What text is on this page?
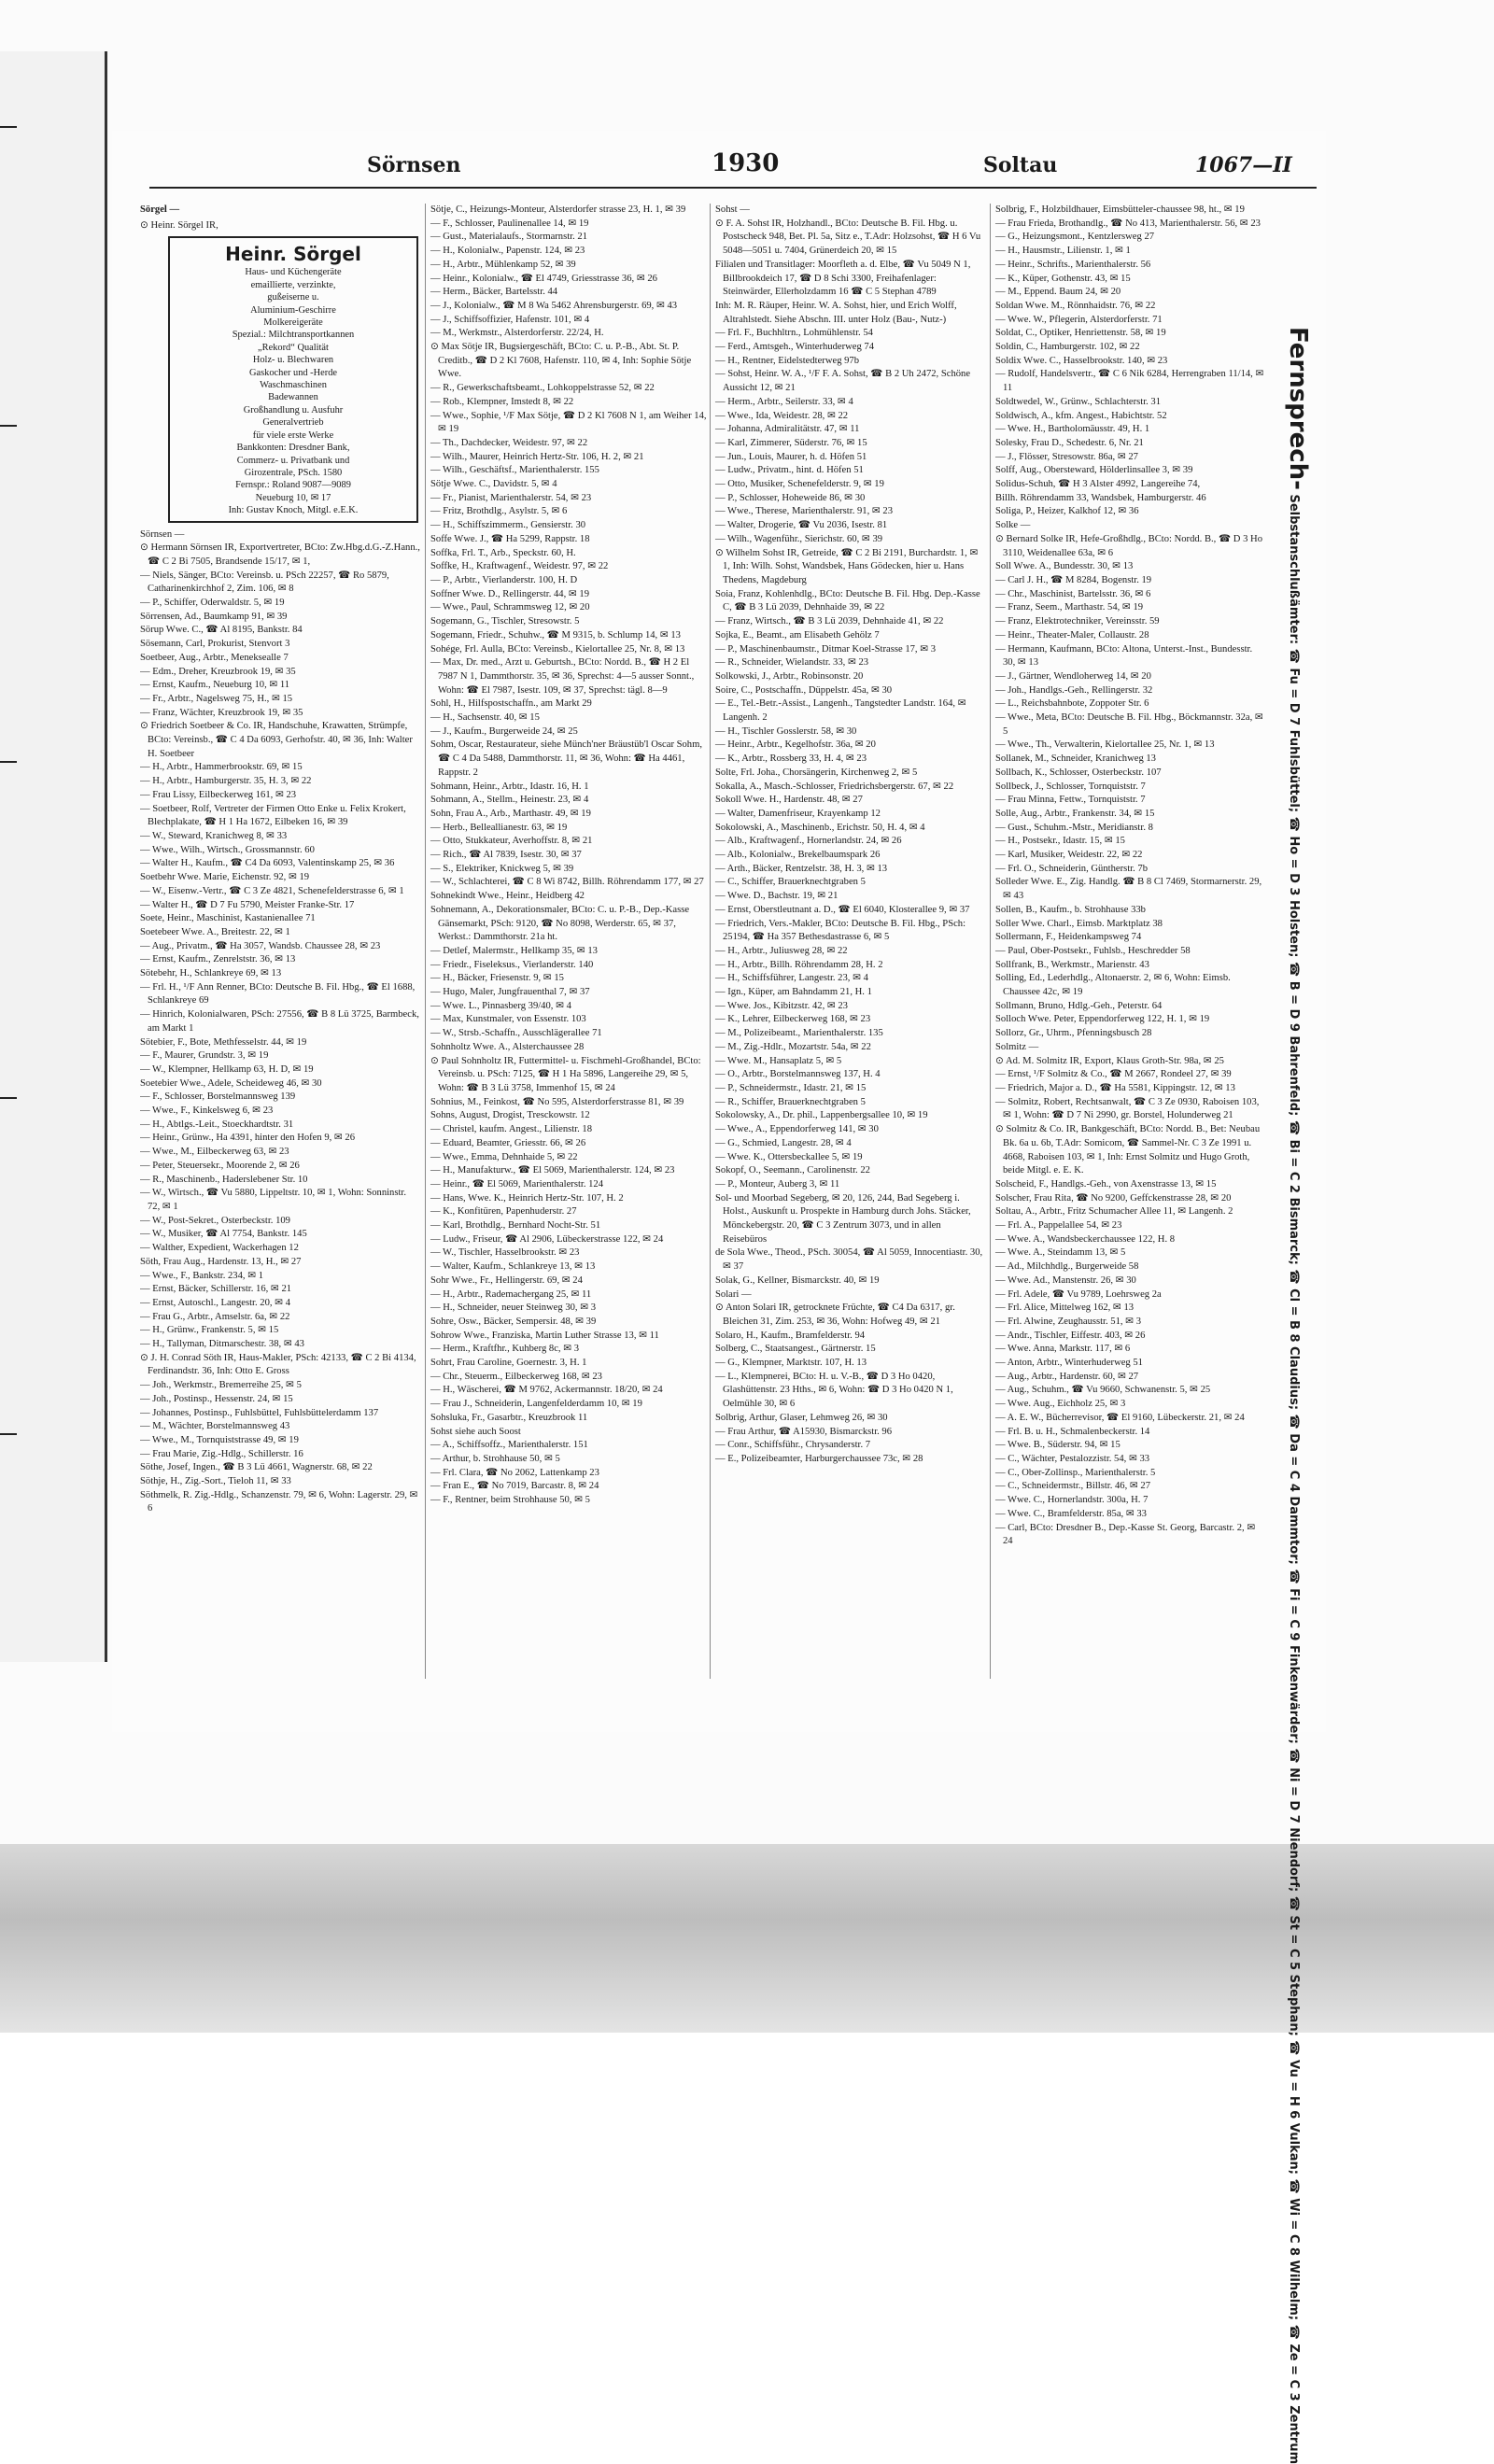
Sörnsen	1930	Soltau	1067—II

Sörgel —

⊙ Heinr. Sörgel IR,

Heinr. Sörgel
Haus- und Küchengeräte
emaillierte, verzinkte,
gußeiserne u.
Aluminium-Geschirre
Molkereigeräte
Spezial.: Milchtransportkannen
„Rekord“ Qualität
Holz- u. Blechwaren
Gaskocher und -Herde
Waschmaschinen
Badewannen
Großhandlung u. Ausfuhr
Generalvertrieb
für viele erste Werke
Bankkonten: Dresdner Bank,
Commerz- u. Privatbank und
Girozentrale, PSch. 1580
Fernspr.: Roland 9087—9089
Neueburg 10, ✉ 17
Inh: Gustav Knoch, Mitgl. e.E.K.

Sörnsen —

⊙ Hermann Sörnsen IR, Exportvertreter, BCto: Zw.Hbg.d.G.-Z.Hann., ☎ C 2 Bi 7505, Brandsende 15/17, ✉ 1,

— Niels, Sänger, BCto: Vereinsb. u. PSch 22257, ☎ Ro 5879, Catharinenkirchhof 2, Zim. 106, ✉ 8

— P., Schiffer, Oderwaldstr. 5, ✉ 19

Sörrensen, Ad., Baumkamp 91, ✉ 39

Sörup Wwe. C., ☎ Al 8195, Bankstr. 84

Sösemann, Carl, Prokurist, Stenvort 3

Soetbeer, Aug., Arbtr., Meneksealle 7

— Edm., Dreher, Kreuzbrook 19, ✉ 35

— Ernst, Kaufm., Neueburg 10, ✉ 11

— Fr., Arbtr., Nagelsweg 75, H., ✉ 15

— Franz, Wächter, Kreuzbrook 19, ✉ 35

⊙ Friedrich Soetbeer & Co. IR, Handschuhe, Krawatten, Strümpfe, BCto: Vereinsb., ☎ C 4 Da 6093, Gerhofstr. 40, ✉ 36, Inh: Walter H. Soetbeer

— H., Arbtr., Hammerbrookstr. 69, ✉ 15

— H., Arbtr., Hamburgerstr. 35, H. 3, ✉ 22

— Frau Lissy, Eilbeckerweg 161, ✉ 23

— Soetbeer, Rolf, Vertreter der Firmen Otto Enke u. Felix Krokert, Blechplakate, ☎ H 1 Ha 1672, Eilbeken 16, ✉ 39

— W., Steward, Kranichweg 8, ✉ 33

— Wwe., Wilh., Wirtsch., Grossmannstr. 60

— Walter H., Kaufm., ☎ C4 Da 6093, Valentinskamp 25, ✉ 36

Soetbehr Wwe. Marie, Eichenstr. 92, ✉ 19

— W., Eisenw.-Vertr., ☎ C 3 Ze 4821, Schenefelderstrasse 6, ✉ 1

— Walter H., ☎ D 7 Fu 5790, Meister Franke-Str. 17

Soete, Heinr., Maschinist, Kastanienallee 71

Soetebeer Wwe. A., Breitestr. 22, ✉ 1

— Aug., Privatm., ☎ Ha 3057, Wandsb. Chaussee 28, ✉ 23

— Ernst, Kaufm., Zenrelststr. 36, ✉ 13

Sötebehr, H., Schlankreye 69, ✉ 13

— Frl. H., ¹/F Ann Renner, BCto: Deutsche B. Fil. Hbg., ☎ El 1688, Schlankreye 69

— Hinrich, Kolonialwaren, PSch: 27556, ☎ B 8 Lü 3725, Barmbeck, am Markt 1

Sötebier, F., Bote, Methfesselstr. 44, ✉ 19

— F., Maurer, Grundstr. 3, ✉ 19

— W., Klempner, Hellkamp 63, H. D, ✉ 19

Soetebier Wwe., Adele, Scheideweg 46, ✉ 30

— F., Schlosser, Borstelmannsweg 139

— Wwe., F., Kinkelsweg 6, ✉ 23

— H., Abtlgs.-Leit., Stoeckhardtstr. 31

— Heinr., Grünw., Ha 4391, hinter den Hofen 9, ✉ 26

— Wwe., M., Eilbeckerweg 63, ✉ 23

— Peter, Steuersekr., Moorende 2, ✉ 26

— R., Maschinenb., Haderslebener Str. 10

— W., Wirtsch., ☎ Vu 5880, Lippeltstr. 10, ✉ 1, Wohn: Sonninstr. 72, ✉ 1

— W., Post-Sekret., Osterbeckstr. 109

— W., Musiker, ☎ Al 7754, Bankstr. 145

— Walther, Expedient, Wackerhagen 12

Söth, Frau Aug., Hardenstr. 13, H., ✉ 27

— Wwe., F., Bankstr. 234, ✉ 1

— Ernst, Bäcker, Schillerstr. 16, ✉ 21

— Ernst, Autoschl., Langestr. 20, ✉ 4

— Frau G., Arbtr., Amselstr. 6a, ✉ 22

— H., Grünw., Frankenstr. 5, ✉ 15

— H., Tallyman, Ditmarschestr. 38, ✉ 43

⊙ J. H. Conrad Söth IR, Haus-Makler, PSch: 42133, ☎ C 2 Bi 4134, Ferdinandstr. 36, Inh: Otto E. Gross

— Joh., Werkmstr., Bremerreihe 25, ✉ 5

— Joh., Postinsp., Hessenstr. 24, ✉ 15

— Johannes, Postinsp., Fuhlsbüttel, Fuhlsbüttelerdamm 137

— M., Wächter, Borstelmannsweg 43

— Wwe., M., Tornquiststrasse 49, ✉ 19

— Frau Marie, Zig.-Hdlg., Schillerstr. 16

Söthe, Josef, Ingen., ☎ B 3 Lü 4661, Wagnerstr. 68, ✉ 22

Söthje, H., Zig.-Sort., Tieloh 11, ✉ 33

Söthmelk, R. Zig.-Hdlg., Schanzenstr. 79, ✉ 6, Wohn: Lagerstr. 29, ✉ 6

Sötje, C., Heizungs-Monteur, Alsterdorfer strasse 23, H. 1, ✉ 39

— F., Schlosser, Paulinenallee 14, ✉ 19

— Gust., Materialaufs., Stormarnstr. 21

— H., Kolonialw., Papenstr. 124, ✉ 23

— H., Arbtr., Mühlenkamp 52, ✉ 39

— Heinr., Kolonialw., ☎ El 4749, Griesstrasse 36, ✉ 26

— Herm., Bäcker, Bartelsstr. 44

— J., Kolonialw., ☎ M 8 Wa 5462 Ahrensburgerstr. 69, ✉ 43

— J., Schiffsoffizier, Hafenstr. 101, ✉ 4

— M., Werkmstr., Alsterdorferstr. 22/24, H.

⊙ Max Sötje IR, Bugsiergeschäft, BCto: C. u. P.-B., Abt. St. P. Creditb., ☎ D 2 Kl 7608, Hafenstr. 110, ✉ 4, Inh: Sophie Sötje Wwe.

— R., Gewerkschaftsbeamt., Lohkoppelstrasse 52, ✉ 22

— Rob., Klempner, Imstedt 8, ✉ 22

— Wwe., Sophie, ¹/F Max Sötje, ☎ D 2 Kl 7608 N 1, am Weiher 14, ✉ 19

— Th., Dachdecker, Weidestr. 97, ✉ 22

— Wilh., Maurer, Heinrich Hertz-Str. 106, H. 2, ✉ 21

— Wilh., Geschäftsf., Marienthalerstr. 155

Sötje Wwe. C., Davidstr. 5, ✉ 4

— Fr., Pianist, Marienthalerstr. 54, ✉ 23

— Fritz, Brothdlg., Asylstr. 5, ✉ 6

— H., Schiffszimmerm., Gensierstr. 30

Soffe Wwe. J., ☎ Ha 5299, Rappstr. 18

Soffka, Frl. T., Arb., Speckstr. 60, H.

Soffke, H., Kraftwagenf., Weidestr. 97, ✉ 22

— P., Arbtr., Vierlanderstr. 100, H. D

Soffner Wwe. D., Rellingerstr. 44, ✉ 19

— Wwe., Paul, Schrammsweg 12, ✉ 20

Sogemann, G., Tischler, Stresowstr. 5

Sogemann, Friedr., Schuhw., ☎ M 9315, b. Schlump 14, ✉ 13

Sohége, Frl. Aulla, BCto: Vereinsb., Kielortallee 25, Nr. 8, ✉ 13

— Max, Dr. med., Arzt u. Geburtsh., BCto: Nordd. B., ☎ H 2 El 7987 N 1, Dammthorstr. 35, ✉ 36, Sprechst: 4—5 ausser Sonnt., Wohn: ☎ El 7987, Isestr. 109, ✉ 37, Sprechst: tägl. 8—9

Sohl, H., Hilfspostschaffn., am Markt 29

— H., Sachsenstr. 40, ✉ 15

— J., Kaufm., Burgerweide 24, ✉ 25

Sohm, Oscar, Restaurateur, siehe Münch'ner Bräustüb'l Oscar Sohm, ☎ C 4 Da 5488, Dammthorstr. 11, ✉ 36, Wohn: ☎ Ha 4461, Rappstr. 2

Sohmann, Heinr., Arbtr., Idastr. 16, H. 1

Sohmann, A., Stellm., Heinestr. 23, ✉ 4

Sohn, Frau A., Arb., Marthastr. 49, ✉ 19

— Herb., Belleallianestr. 63, ✉ 19

— Otto, Stukkateur, Averhoffstr. 8, ✉ 21

— Rich., ☎ Al 7839, Isestr. 30, ✉ 37

— S., Elektriker, Knickweg 5, ✉ 39

— W., Schlachterei, ☎ C 8 Wi 8742, Billh. Röhrendamm 177, ✉ 27

Sohnekindt Wwe., Heinr., Heidberg 42

Sohnemann, A., Dekorationsmaler, BCto: C. u. P.-B., Dep.-Kasse Gänsemarkt, PSch: 9120, ☎ No 8098, Werderstr. 65, ✉ 37, Werkst.: Dammthorstr. 21a ht.

— Detlef, Malermstr., Hellkamp 35, ✉ 13

— Friedr., Fiseleksus., Vierlanderstr. 140

— H., Bäcker, Friesenstr. 9, ✉ 15

— Hugo, Maler, Jungfrauenthal 7, ✉ 37

— Wwe. L., Pinnasberg 39/40, ✉ 4

— Max, Kunstmaler, von Essenstr. 103

— W., Strsb.-Schaffn., Ausschlägerallee 71

Sohnholtz Wwe. A., Alsterchaussee 28

⊙ Paul Sohnholtz IR, Futtermittel- u. Fischmehl-Großhandel, BCto: Vereinsb. u. PSch: 7125, ☎ H 1 Ha 5896, Langereihe 29, ✉ 5, Wohn: ☎ B 3 Lü 3758, Immenhof 15, ✉ 24

Sohnius, M., Feinkost, ☎ No 595, Alsterdorferstrasse 81, ✉ 39

Sohns, August, Drogist, Tresckowstr. 12

— Christel, kaufm. Angest., Lilienstr. 18

— Eduard, Beamter, Griesstr. 66, ✉ 26

— Wwe., Emma, Dehnhaide 5, ✉ 22

— H., Manufakturw., ☎ El 5069, Marienthalerstr. 124, ✉ 23

— Heinr., ☎ El 5069, Marienthalerstr. 124

— Hans, Wwe. K., Heinrich Hertz-Str. 107, H. 2

— K., Konfitüren, Papenhuderstr. 27

— Karl, Brothdlg., Bernhard Nocht-Str. 51

— Ludw., Friseur, ☎ Al 2906, Lübeckerstrasse 122, ✉ 24

— W., Tischler, Hasselbrookstr. ✉ 23

— Walter, Kaufm., Schlankreye 13, ✉ 13

Sohr Wwe., Fr., Hellingerstr. 69, ✉ 24

— H., Arbtr., Rademachergang 25, ✉ 11

— H., Schneider, neuer Steinweg 30, ✉ 3

Sohre, Osw., Bäcker, Sempersir. 48, ✉ 39

Sohrow Wwe., Franziska, Martin Luther Strasse 13, ✉ 11

— Herm., Kraftfhr., Kuhberg 8c, ✉ 3

Sohrt, Frau Caroline, Goernestr. 3, H. 1

— Chr., Steuerm., Eilbeckerweg 168, ✉ 23

— H., Wäscherei, ☎ M 9762, Ackermannstr. 18/20, ✉ 24

— Frau J., Schneiderin, Langenfelderdamm 10, ✉ 19

Sohsluka, Fr., Gasarbtr., Kreuzbrook 11

Sohst siehe auch Soost

— A., Schiffsoffz., Marienthalerstr. 151

— Arthur, b. Strohhause 50, ✉ 5

— Frl. Clara, ☎ No 2062, Lattenkamp 23

— Fran E., ☎ No 7019, Barcastr. 8, ✉ 24

— F., Rentner, beim Strohhause 50, ✉ 5

Sohst —

⊙ F. A. Sohst IR, Holzhandl., BCto: Deutsche B. Fil. Hbg. u. Postscheck 948, Bet. Pl. 5a, Sitz e., T.Adr: Holzsohst, ☎ H 6 Vu 5048—5051 u. 7404, Grünerdeich 20, ✉ 15

Filialen und Transitlager: Moorfleth a. d. Elbe, ☎ Vu 5049 N 1, Billbrookdeich 17, ☎ D 8 Schi 3300, Freihafenlager: Steinwärder, Ellerholzdamm 16 ☎ C 5 Stephan 4789

Inh: M. R. Räuper, Heinr. W. A. Sohst, hier, und Erich Wolff, Altrahlstedt. Siehe Abschn. III. unter Holz (Bau-, Nutz-)

— Frl. F., Buchhltrn., Lohmühlenstr. 54

— Ferd., Amtsgeh., Winterhuderweg 74

— H., Rentner, Eidelstedterweg 97b

— Sohst, Heinr. W. A., ¹/F F. A. Sohst, ☎ B 2 Uh 2472, Schöne Aussicht 12, ✉ 21

— Herm., Arbtr., Seilerstr. 33, ✉ 4

— Wwe., Ida, Weidestr. 28, ✉ 22

— Johanna, Admiralitätstr. 47, ✉ 11

— Karl, Zimmerer, Süderstr. 76, ✉ 15

— Jun., Louis, Maurer, h. d. Höfen 51

— Ludw., Privatm., hint. d. Höfen 51

— Otto, Musiker, Schenefelderstr. 9, ✉ 19

— P., Schlosser, Hoheweide 86, ✉ 30

— Wwe., Therese, Marienthalerstr. 91, ✉ 23

— Walter, Drogerie, ☎ Vu 2036, Isestr. 81

— Wilh., Wagenführ., Sierichstr. 60, ✉ 39

⊙ Wilhelm Sohst IR, Getreide, ☎ C 2 Bi 2191, Burchardstr. 1, ✉ 1, Inh: Wilh. Sohst, Wandsbek, Hans Gödecken, hier u. Hans Thedens, Magdeburg

Soia, Franz, Kohlenhdlg., BCto: Deutsche B. Fil. Hbg. Dep.-Kasse C, ☎ B 3 Lü 2039, Dehnhaide 39, ✉ 22

— Franz, Wirtsch., ☎ B 3 Lü 2039, Dehnhaide 41, ✉ 22

Sojka, E., Beamt., am Elisabeth Gehölz 7

— P., Maschinenbaumstr., Ditmar Koel-Strasse 17, ✉ 3

— R., Schneider, Wielandstr. 33, ✉ 23

Solkowski, J., Arbtr., Robinsonstr. 20

Soire, C., Postschaffn., Düppelstr. 45a, ✉ 30

— E., Tel.-Betr.-Assist., Langenh., Tangstedter Landstr. 164, ✉ Langenh. 2

— H., Tischler Gosslerstr. 58, ✉ 30

— Heinr., Arbtr., Kegelhofstr. 36a, ✉ 20

— K., Arbtr., Rossberg 33, H. 4, ✉ 23

Solte, Frl. Joha., Chorsängerin, Kirchenweg 2, ✉ 5

Sokalla, A., Masch.-Schlosser, Friedrichsbergerstr. 67, ✉ 22

Sokoll Wwe. H., Hardenstr. 48, ✉ 27

— Walter, Damenfriseur, Krayenkamp 12

Sokolowski, A., Maschinenb., Erichstr. 50, H. 4, ✉ 4

— Alb., Kraftwagenf., Hornerlandstr. 24, ✉ 26

— Alb., Kolonialw., Brekelbaumspark 26

— Arth., Bäcker, Rentzelstr. 38, H. 3, ✉ 13

— C., Schiffer, Brauerknechtgraben 5

— Wwe. D., Bachstr. 19, ✉ 21

— Ernst, Oberstleutnant a. D., ☎ El 6040, Klosterallee 9, ✉ 37

— Friedrich, Vers.-Makler, BCto: Deutsche B. Fil. Hbg., PSch: 25194, ☎ Ha 357 Bethesdastrasse 6, ✉ 5

— H., Arbtr., Juliusweg 28, ✉ 22

— H., Arbtr., Billh. Röhrendamm 28, H. 2

— H., Schiffsführer, Langestr. 23, ✉ 4

— Ign., Küper, am Bahndamm 21, H. 1

— Wwe. Jos., Kibitzstr. 42, ✉ 23

— K., Lehrer, Eilbeckerweg 168, ✉ 23

— M., Polizeibeamt., Marienthalerstr. 135

— M., Zig.-Hdlr., Mozartstr. 54a, ✉ 22

— Wwe. M., Hansaplatz 5, ✉ 5

— O., Arbtr., Borstelmannsweg 137, H. 4

— P., Schneidermstr., Idastr. 21, ✉ 15

— R., Schiffer, Brauerknechtgraben 5

Sokolowsky, A., Dr. phil., Lappenbergsallee 10, ✉ 19

— Wwe., A., Eppendorferweg 141, ✉ 30

— G., Schmied, Langestr. 28, ✉ 4

— Wwe. K., Ottersbeckallee 5, ✉ 19

Sokopf, O., Seemann., Carolinenstr. 22

— P., Monteur, Auberg 3, ✉ 11

Sol- und Moorbad Segeberg, ✉ 20, 126, 244, Bad Segeberg i. Holst., Auskunft u. Prospekte in Hamburg durch Johs. Stäcker, Mönckebergstr. 20, ☎ C 3 Zentrum 3073, und in allen Reisebüros

de Sola Wwe., Theod., PSch. 30054, ☎ Al 5059, Innocentiastr. 30, ✉ 37

Solak, G., Kellner, Bismarckstr. 40, ✉ 19

Solari —

⊙ Anton Solari IR, getrocknete Früchte, ☎ C4 Da 6317, gr. Bleichen 31, Zim. 253, ✉ 36, Wohn: Hofweg 49, ✉ 21

Solaro, H., Kaufm., Bramfelderstr. 94

Solberg, C., Staatsangest., Gärtnerstr. 15

— G., Klempner, Marktstr. 107, H. 13

— L., Klempnerei, BCto: H. u. V.-B., ☎ D 3 Ho 0420, Glashüttenstr. 23 Hths., ✉ 6, Wohn: ☎ D 3 Ho 0420 N 1, Oelmühle 30, ✉ 6

Solbrig, Arthur, Glaser, Lehmweg 26, ✉ 30

— Frau Arthur, ☎ A15930, Bismarckstr. 96

— Conr., Schiffsführ., Chrysanderstr. 7

— E., Polizeibeamter, Harburgerchaussee 73c, ✉ 28

Solbrig, F., Holzbildhauer, Eimsbütteler-chaussee 98, ht., ✉ 19

— Frau Frieda, Brothandlg., ☎ No 413, Marienthalerstr. 56, ✉ 23

— G., Heizungsmont., Kentzlersweg 27

— H., Hausmstr., Lilienstr. 1, ✉ 1

— Heinr., Schrifts., Marienthalerstr. 56

— K., Küper, Gothenstr. 43, ✉ 15

— M., Eppend. Baum 24, ✉ 20

Soldan Wwe. M., Rönnhaidstr. 76, ✉ 22

— Wwe. W., Pflegerin, Alsterdorferstr. 71

Soldat, C., Optiker, Henriettenstr. 58, ✉ 19

Soldin, C., Hamburgerstr. 102, ✉ 22

Soldix Wwe. C., Hasselbrookstr. 140, ✉ 23

— Rudolf, Handelsvertr., ☎ C 6 Nik 6284, Herrengraben 11/14, ✉ 11

Soldtwedel, W., Grünw., Schlachterstr. 31

Soldwisch, A., kfm. Angest., Habichtstr. 52

— Wwe. H., Bartholomäusstr. 49, H. 1

Solesky, Frau D., Schedestr. 6, Nr. 21

— J., Flösser, Stresowstr. 86a, ✉ 27

Solff, Aug., Obersteward, Hölderlinsallee 3, ✉ 39

Solidus-Schuh, ☎ H 3 Alster 4992, Langereihe 74,

Billh. Röhrendamm 33, Wandsbek, Hamburgerstr. 46

Soliga, P., Heizer, Kalkhof 12, ✉ 36

Solke —

⊙ Bernard Solke IR, Hefe-Großhdlg., BCto: Nordd. B., ☎ D 3 Ho 3110, Weidenallee 63a, ✉ 6

Soll Wwe. A., Bundesstr. 30, ✉ 13

— Carl J. H., ☎ M 8284, Bogenstr. 19

— Chr., Maschinist, Bartelsstr. 36, ✉ 6

— Franz, Seem., Marthastr. 54, ✉ 19

— Franz, Elektrotechniker, Vereinsstr. 59

— Heinr., Theater-Maler, Collaustr. 28

— Hermann, Kaufmann, BCto: Altona, Unterst.-Inst., Bundesstr. 30, ✉ 13

— J., Gärtner, Wendloherweg 14, ✉ 20

— Joh., Handlgs.-Geh., Rellingerstr. 32

— L., Reichsbahnbote, Zoppoter Str. 6

— Wwe., Meta, BCto: Deutsche B. Fil. Hbg., Böckmannstr. 32a, ✉ 5

— Wwe., Th., Verwalterin, Kielortallee 25, Nr. 1, ✉ 13

Sollanek, M., Schneider, Kranichweg 13

Sollbach, K., Schlosser, Osterbeckstr. 107

Sollbeck, J., Schlosser, Tornquiststr. 7

— Frau Minna, Fettw., Tornquiststr. 7

Solle, Aug., Arbtr., Frankenstr. 34, ✉ 15

— Gust., Schuhm.-Mstr., Meridianstr. 8

— H., Postsekr., Idastr. 15, ✉ 15

— Karl, Musiker, Weidestr. 22, ✉ 22

— Frl. O., Schneiderin, Güntherstr. 7b

Solleder Wwe. E., Zig. Handlg. ☎ B 8 Cl 7469, Stormarnerstr. 29, ✉ 43

Sollen, B., Kaufm., b. Strohhause 33b

Soller Wwe. Charl., Eimsb. Marktplatz 38

Sollermann, F., Heidenkampsweg 74

— Paul, Ober-Postsekr., Fuhlsb., Heschredder 58

Sollfrank, B., Werkmstr., Marienstr. 43

Solling, Ed., Lederhdlg., Altonaerstr. 2, ✉ 6, Wohn: Eimsb. Chaussee 42c, ✉ 19

Sollmann, Bruno, Hdlg.-Geh., Peterstr. 64

Solloch Wwe. Peter, Eppendorferweg 122, H. 1, ✉ 19

Sollorz, Gr., Uhrm., Pfenningsbusch 28

Solmitz —

⊙ Ad. M. Solmitz IR, Export, Klaus Groth-Str. 98a, ✉ 25

— Ernst, ¹/F Solmitz & Co., ☎ M 2667, Rondeel 27, ✉ 39

— Friedrich, Major a. D., ☎ Ha 5581, Kippingstr. 12, ✉ 13

— Solmitz, Robert, Rechtsanwalt, ☎ C 3 Ze 0930, Raboisen 103, ✉ 1, Wohn: ☎ D 7 Ni 2990, gr. Borstel, Holunderweg 21

⊙ Solmitz & Co. IR, Bankgeschäft, BCto: Nordd. B., Bet: Neubau Bk. 6a u. 6b, T.Adr: Somicom, ☎ Sammel-Nr. C 3 Ze 1991 u. 4668, Raboisen 103, ✉ 1, Inh: Ernst Solmitz und Hugo Groth, beide Mitgl. e. E. K.

Solscheid, F., Handlgs.-Geh., von Axenstrasse 13, ✉ 15

Solscher, Frau Rita, ☎ No 9200, Geffckenstrasse 28, ✉ 20

Soltau, A., Arbtr., Fritz Schumacher Allee 11, ✉ Langenh. 2

— Frl. A., Pappelallee 54, ✉ 23

— Wwe. A., Wandsbeckerchaussee 122, H. 8

— Wwe. A., Steindamm 13, ✉ 5

— Ad., Milchhdlg., Burgerweide 58

— Wwe. Ad., Manstenstr. 26, ✉ 30

— Frl. Adele, ☎ Vu 9789, Loehrsweg 2a

— Frl. Alice, Mittelweg 162, ✉ 13

— Frl. Alwine, Zeughausstr. 51, ✉ 3

— Andr., Tischler, Eiffestr. 403, ✉ 26

— Wwe. Anna, Markstr. 117, ✉ 6

— Anton, Arbtr., Winterhuderweg 51

— Aug., Arbtr., Hardenstr. 60, ✉ 27

— Aug., Schuhm., ☎ Vu 9660, Schwanenstr. 5, ✉ 25

— Wwe. Aug., Eichholz 25, ✉ 3

— A. E. W., Bücherrevisor, ☎ El 9160, Lübeckerstr. 21, ✉ 24

— Frl. B. u. H., Schmalenbeckerstr. 14

— Wwe. B., Süderstr. 94, ✉ 15

— C., Wächter, Pestalozzistr. 54, ✉ 33

— C., Ober-Zollinsp., Marienthalerstr. 5

— C., Schneidermstr., Billstr. 46, ✉ 27

— Wwe. C., Hornerlandstr. 300a, H. 7

— Wwe. C., Bramfelderstr. 85a, ✉ 33

— Carl, BCto: Dresdner B., Dep.-Kasse St. Georg, Barcastr. 2, ✉ 24

Fernsprech- Selbstanschlußämter: ☎ Fu = D 7 Fuhlsbüttel; ☎ Ho = D 3 Holsten; ☎ B = D 9 Bahrenfeld; ☎ Bi = C 2 Bismarck; ☎ Cl = B 8 Claudius; ☎ Da = C 4 Dammtor; ☎ Fi = C 9 Finkenwärder; ☎ Ni = D 7 Niendorf; ☎ St = C 5 Stephan; ☎ Vu = H 6 Vulkan; ☎ Wi = C 8 Wilhelm; ☎ Ze = C 3 Zentrum
